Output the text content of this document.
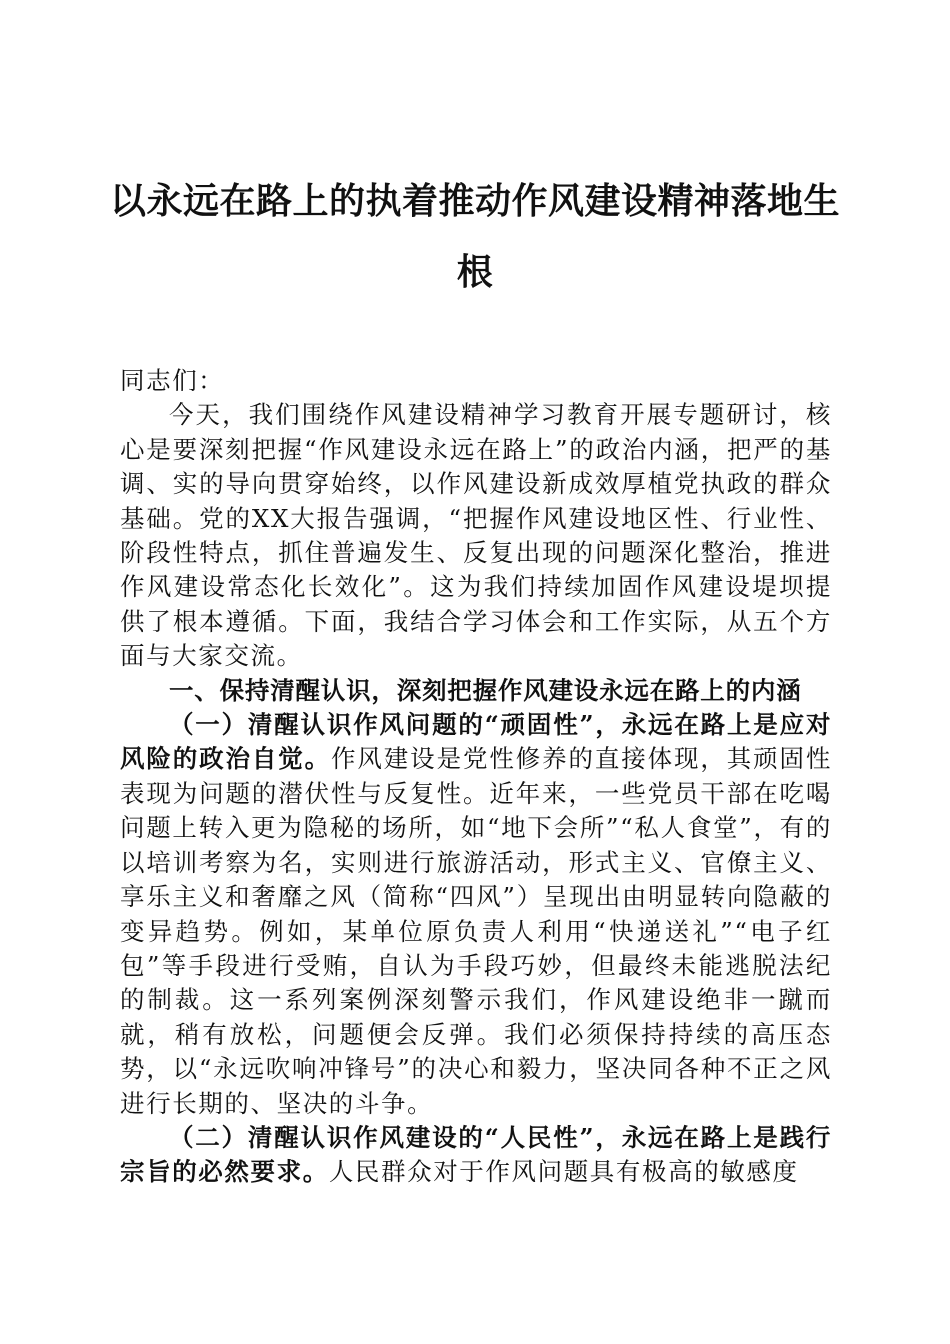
以永远在路上的执着推动作风建设精神落地生
根

同志们：

今天，我们围绕作风建设精神学习教育开展专题研讨，核心是要深刻把握“作风建设永远在路上”的政治内涵，把严的基调、实的导向贯穿始终，以作风建设新成效厚植党执政的群众基础。党的XX大报告强调，“把握作风建设地区性、行业性、阶段性特点，抓住普遍发生、反复出现的问题深化整治，推进作风建设常态化长效化”。这为我们持续加固作风建设堤坝提供了根本遵循。下面，我结合学习体会和工作实际，从五个方面与大家交流。

一、保持清醒认识，深刻把握作风建设永远在路上的内涵

（一）清醒认识作风问题的“顽固性”，永远在路上是应对风险的政治自觉。作风建设是党性修养的直接体现，其顽固性表现为问题的潜伏性与反复性。近年来，一些党员干部在吃喝问题上转入更为隐秘的场所，如“地下会所”“私人食堂”，有的以培训考察为名，实则进行旅游活动，形式主义、官僚主义、享乐主义和奢靡之风（简称“四风”）呈现出由明显转向隐蔽的变异趋势。例如，某单位原负责人利用“快递送礼”“电子红包”等手段进行受贿，自认为手段巧妙，但最终未能逃脱法纪的制裁。这一系列案例深刻警示我们，作风建设绝非一蹴而就，稍有放松，问题便会反弹。我们必须保持持续的高压态势，以“永远吹响冲锋号”的决心和毅力，坚决同各种不正之风进行长期的、坚决的斗争。

（二）清醒认识作风建设的“人民性”，永远在路上是践行宗旨的必然要求。人民群众对于作风问题具有极高的敏感度
